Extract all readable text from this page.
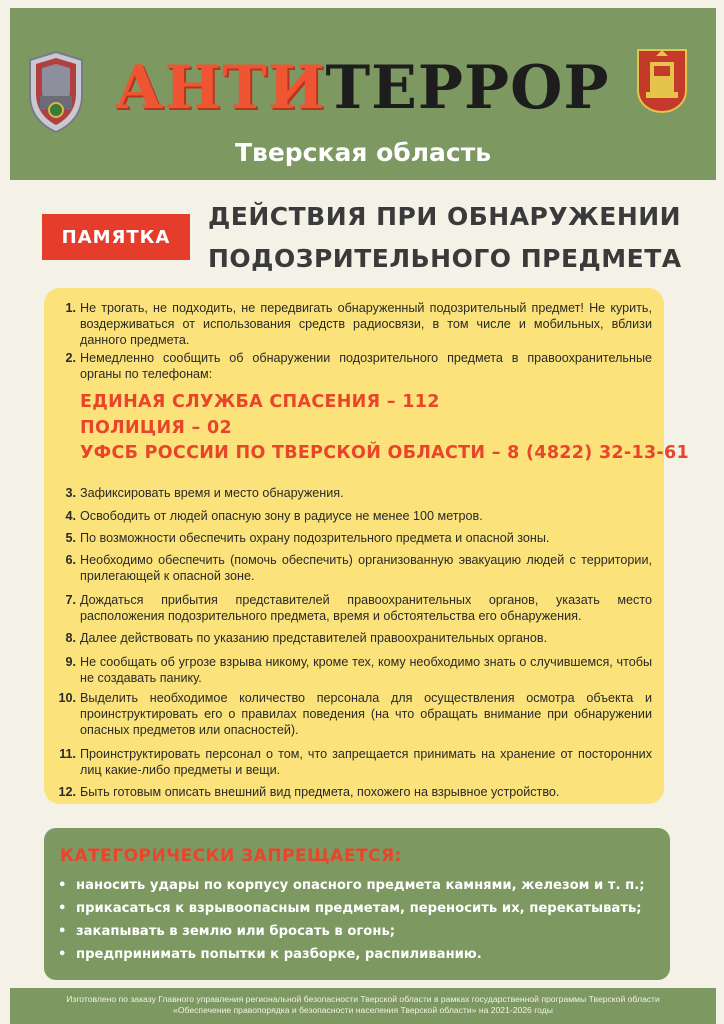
АНТИ ТЕРРОР
Тверская область
ПАМЯТКА
ДЕЙСТВИЯ ПРИ ОБНАРУЖЕНИИ
ПОДОЗРИТЕЛЬНОГО ПРЕДМЕТА
1. Не трогать, не подходить, не передвигать обнаруженный подозрительный предмет! Не курить, воздерживаться от использования средств радиосвязи, в том числе и мобильных, вблизи данного предмета.
2. Немедленно сообщить об обнаружении подозрительного предмета в правоохранительные органы по телефонам:
ЕДИНАЯ СЛУЖБА СПАСЕНИЯ – 112
ПОЛИЦИЯ – 02
УФСБ РОССИИ ПО ТВЕРСКОЙ ОБЛАСТИ – 8 (4822) 32-13-61
3. Зафиксировать время и место обнаружения.
4. Освободить от людей опасную зону в радиусе не менее 100 метров.
5. По возможности обеспечить охрану подозрительного предмета и опасной зоны.
6. Необходимо обеспечить (помочь обеспечить) организованную эвакуацию людей с территории, прилегающей к опасной зоне.
7. Дождаться прибытия представителей правоохранительных органов, указать место расположения подозрительного предмета, время и обстоятельства его обнаружения.
8. Далее действовать по указанию представителей правоохранительных органов.
9. Не сообщать об угрозе взрыва никому, кроме тех, кому необходимо знать о случившемся, чтобы не создавать панику.
10. Выделить необходимое количество персонала для осуществления осмотра объекта и проинструктировать его о правилах поведения (на что обращать внимание при обнаружении опасных предметов или опасностей).
11. Проинструктировать персонал о том, что запрещается принимать на хранение от посторонних лиц какие-либо предметы и вещи.
12. Быть готовым описать внешний вид предмета, похожего на взрывное устройство.
КАТЕГОРИЧЕСКИ ЗАПРЕЩАЕТСЯ:
• наносить удары по корпусу опасного предмета камнями, железом и т. п.;
• прикасаться к взрывоопасным предметам, переносить их, перекатывать;
• закапывать в землю или бросать в огонь;
• предпринимать попытки к разборке, распиливанию.
Изготовлено по заказу Главного управления региональной безопасности Тверской области в рамках государственной программы Тверской области
«Обеспечение правопорядка и безопасности населения Тверской области» на 2021-2026 годы
